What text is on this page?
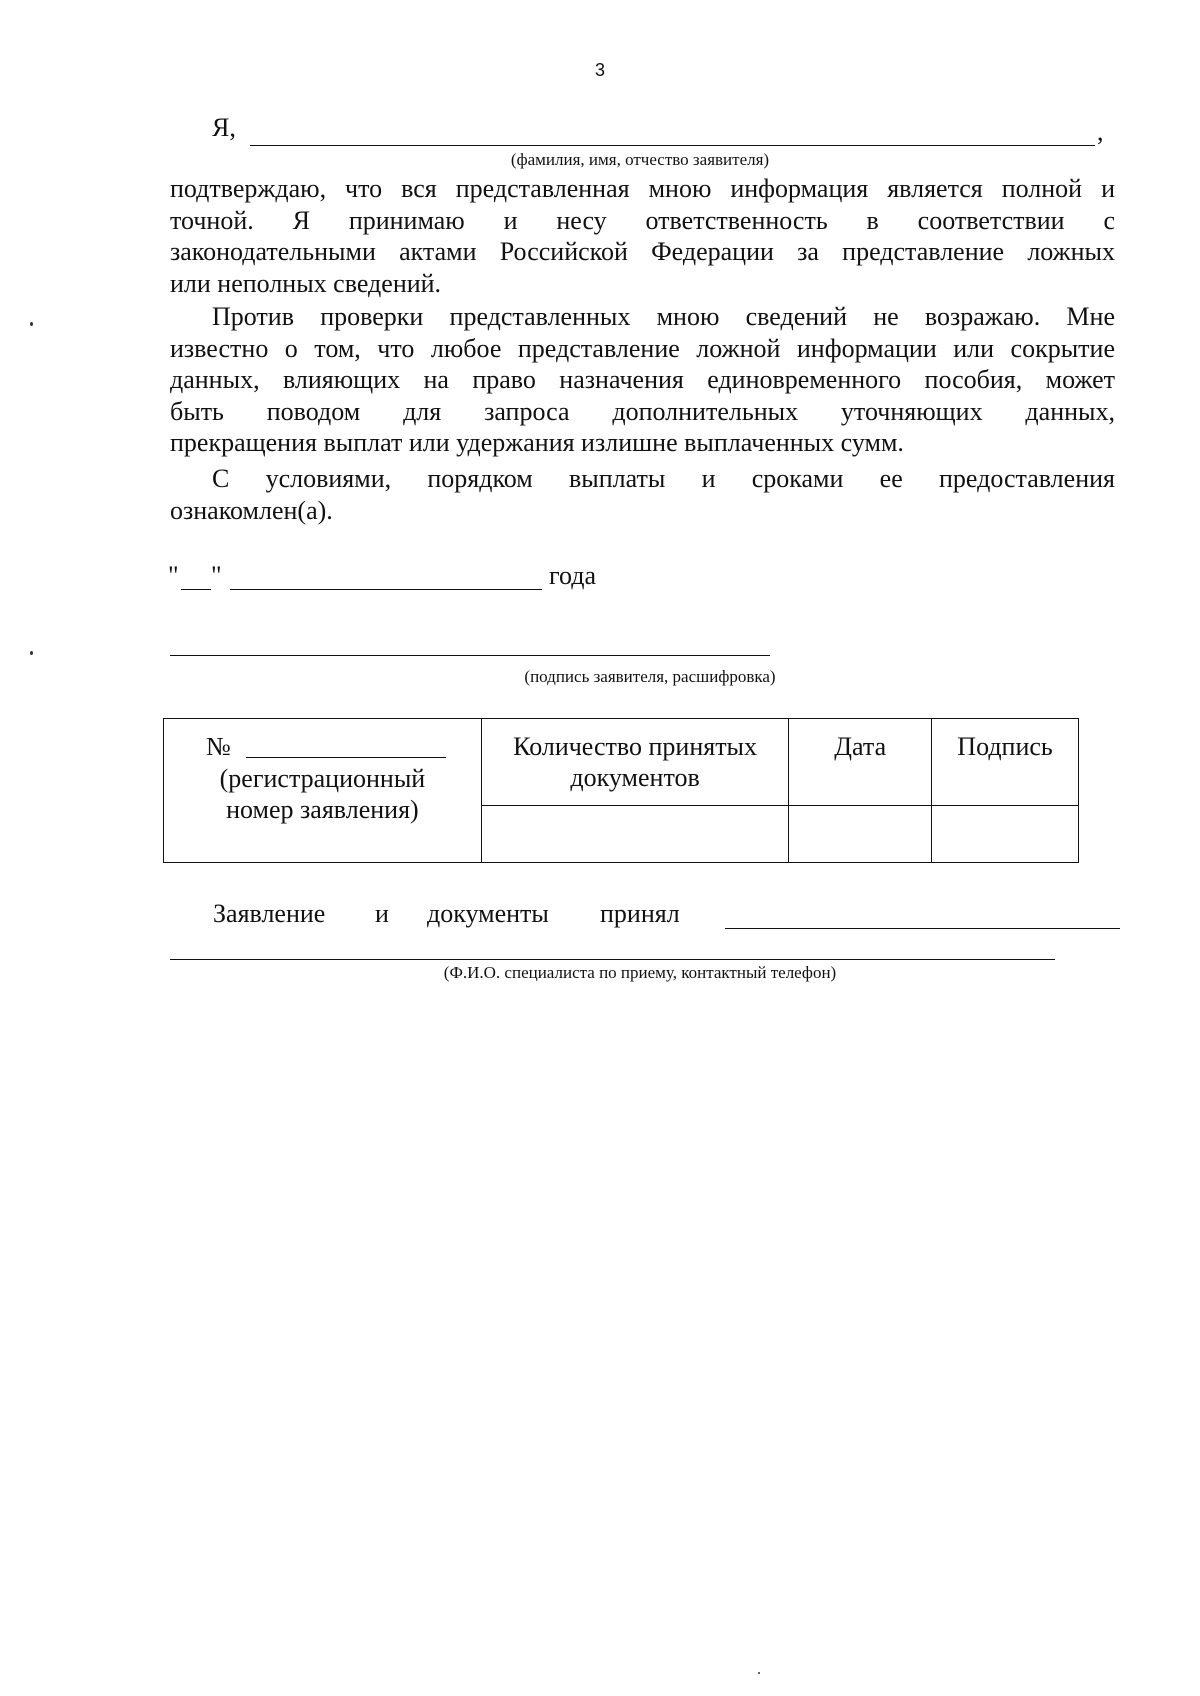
3
Я,	,
(фамилия, имя, отчество заявителя)
подтверждаю, что вся представленная мною информация является полной и
точной. Я принимаю и несу ответственность в соответствии с
законодательными актами Российской Федерации за представление ложных
или неполных сведений.
Против проверки представленных мною сведений не возражаю. Мне
известно о том, что любое представление ложной информации или сокрытие
данных, влияющих на право назначения единовременного пособия, может
быть поводом для запроса дополнительных уточняющих данных,
прекращения выплат или удержания излишне выплаченных сумм.
С условиями, порядком выплаты и сроками ее предоставления
ознакомлен(а).
" "	года
(подпись заявителя, расшифровка)
№
(регистрационный номер заявления)	Количество принятых документов	Дата	Подпись

Заявление и документы принял
(Ф.И.О. специалиста по приему, контактный телефон)
